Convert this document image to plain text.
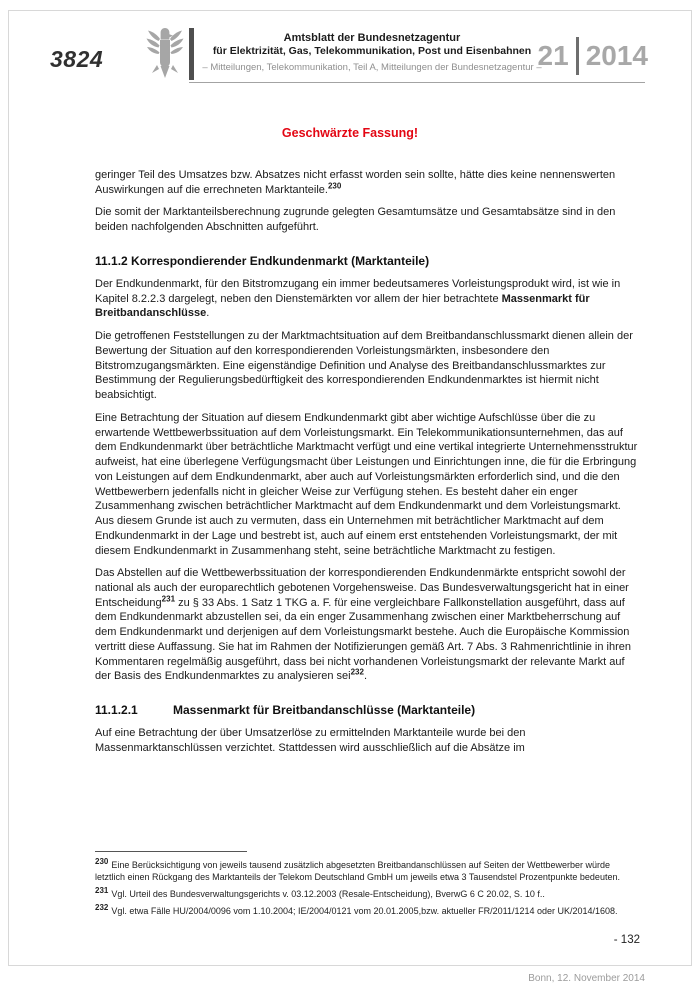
3824
Amtsblatt der Bundesnetzagentur
für Elektrizität, Gas, Telekommunikation, Post und Eisenbahnen
– Mitteilungen, Telekommunikation, Teil A, Mitteilungen der Bundesnetzagentur –
21 2014
Geschwärzte Fassung!

geringer Teil des Umsatzes bzw. Absatzes nicht erfasst worden sein sollte, hätte dies keine nennenswerten Auswirkungen auf die errechneten Marktanteile.$^{230}$

Die somit der Marktanteilsberechnung zugrunde gelegten Gesamtumsätze und Gesamtabsätze sind in den beiden nachfolgenden Abschnitten aufgeführt.

11.1.2 Korrespondierender Endkundenmarkt (Marktanteile)

Der Endkundenmarkt, für den Bitstromzugang ein immer bedeutsameres Vorleistungsprodukt wird, ist wie in Kapitel 8.2.2.3 dargelegt, neben den Dienstemärkten vor allem der hier betrachtete Massenmarkt für Breitbandanschlüsse.

Die getroffenen Feststellungen zu der Marktmachtsituation auf dem Breitbandanschlussmarkt dienen allein der Bewertung der Situation auf den korrespondierenden Vorleistungsmärkten, insbesondere den Bitstromzugangsmärkten. Eine eigenständige Definition und Analyse des Breitbandanschlussmarktes zur Bestimmung der Regulierungsbedürftigkeit des korrespondierenden Endkundenmarktes ist hiermit nicht beabsichtigt.

Eine Betrachtung der Situation auf diesem Endkundenmarkt gibt aber wichtige Aufschlüsse über die zu erwartende Wettbewerbssituation auf dem Vorleistungsmarkt. Ein Telekommunikationsunternehmen, das auf dem Endkundenmarkt über beträchtliche Marktmacht verfügt und eine vertikal integrierte Unternehmensstruktur aufweist, hat eine überlegene Verfügungsmacht über Leistungen und Einrichtungen inne, die für die Erbringung von Leistungen auf dem Endkundenmarkt, aber auch auf Vorleistungsmärkten erforderlich sind, und die den Wettbewerbern jedenfalls nicht in gleicher Weise zur Verfügung stehen. Es besteht daher ein enger Zusammenhang zwischen beträchtlicher Marktmacht auf dem Endkundenmarkt und dem Vorleistungsmarkt. Aus diesem Grunde ist auch zu vermuten, dass ein Unternehmen mit beträchtlicher Marktmacht auf dem Endkundenmarkt in der Lage und bestrebt ist, auch auf einem erst entstehenden Vorleistungsmarkt, der mit diesem Endkundenmarkt in Zusammenhang steht, seine beträchtliche Marktmacht zu festigen.

Das Abstellen auf die Wettbewerbssituation der korrespondierenden Endkundenmärkte entspricht sowohl der national als auch der europarechtlich gebotenen Vorgehensweise. Das Bundesverwaltungsgericht hat in einer Entscheidung$^{231}$ zu § 33 Abs. 1 Satz 1 TKG a. F. für eine vergleichbare Fallkonstellation ausgeführt, dass auf dem Endkundenmarkt abzustellen sei, da ein enger Zusammenhang zwischen einer Marktbeherrschung auf dem Endkundenmarkt und derjenigen auf dem Vorleistungsmarkt bestehe. Auch die Europäische Kommission vertritt diese Auffassung. Sie hat im Rahmen der Notifizierungen gemäß Art. 7 Abs. 3 Rahmenrichtlinie in ihren Kommentaren regelmäßig ausgeführt, dass bei nicht vorhandenen Vorleistungsmarkt der relevante Markt auf der Basis des Endkundenmarktes zu analysieren sei$^{232}$.

11.1.2.1	Massenmarkt für Breitbandanschlüsse (Marktanteile)

Auf eine Betrachtung der über Umsatzerlöse zu ermittelnden Marktanteile wurde bei den Massenmarktanschlüssen verzichtet. Stattdessen wird ausschließlich auf die Absätze im

$^{230}$ Eine Berücksichtigung von jeweils tausend zusätzlich abgesetzten Breitbandanschlüssen auf Seiten der Wettbewerber würde letztlich einen Rückgang des Marktanteils der Telekom Deutschland GmbH um jeweils etwa 3 Tausendstel Prozentpunkte bedeuten.
$^{231}$ Vgl. Urteil des Bundesverwaltungsgerichts v. 03.12.2003 (Resale-Entscheidung), BverwG 6 C 20.02, S. 10 f..
$^{232}$ Vgl. etwa Fälle HU/2004/0096 vom 1.10.2004; IE/2004/0121 vom 20.01.2005,bzw. aktueller FR/2011/1214 oder UK/2014/1608.
- 132
Bonn, 12. November 2014
